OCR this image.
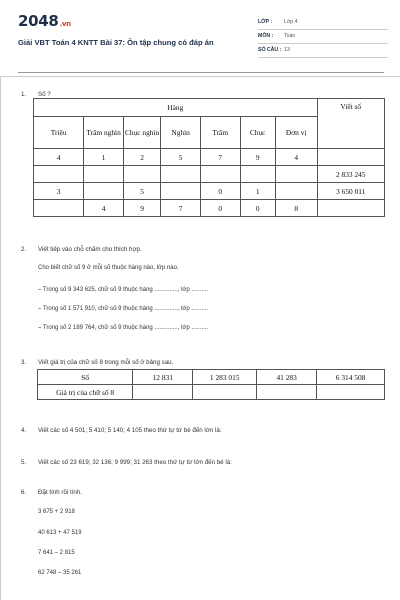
2048.vn
Giải VBT Toán 4 KNTT Bài 37: Ôn tập chung có đáp án
LỚP : Lớp 4
MÔN : Toán
SỐ CÂU : 13
1. Số ?
Hàng							Viết số
Triệu	Trăm nghìn	Chục nghìn	Nghìn	Trăm	Chục	Đơn vị	
4	1	2	5	7	9	4	
							2 833 245
3		5		0	1		3 650 011
	4	9	7	0	0	8	
2. Viết tiếp vào chỗ chấm cho thích hợp.
Cho biết chữ số 9 ở mỗi số thuộc hàng nào, lớp nào.
– Trong số 9 343 625, chữ số 9 thuộc hàng .............., lớp ..........
– Trong số 1 571 910, chữ số 9 thuộc hàng .............., lớp ..........
– Trong số 2 189 764, chữ số 9 thuộc hàng .............., lớp ..........
3. Viết giá trị của chữ số 8 trong mỗi số ở bảng sau.
Số	12 831	1 283 015	41 283	6 314 508
Giá trị của chữ số 8				
4. Viết các số 4 501; 5 410; 5 140; 4 105 theo thứ tự từ bé đến lớn là:
5. Viết các số 23 619; 32 136; 9 999; 31 263 theo thứ tự từ lớn đến bé là:
6. Đặt tính rồi tính.
3 675 + 2 918
40 613 + 47 519
7 641 – 2 815
62 748 – 35 261
